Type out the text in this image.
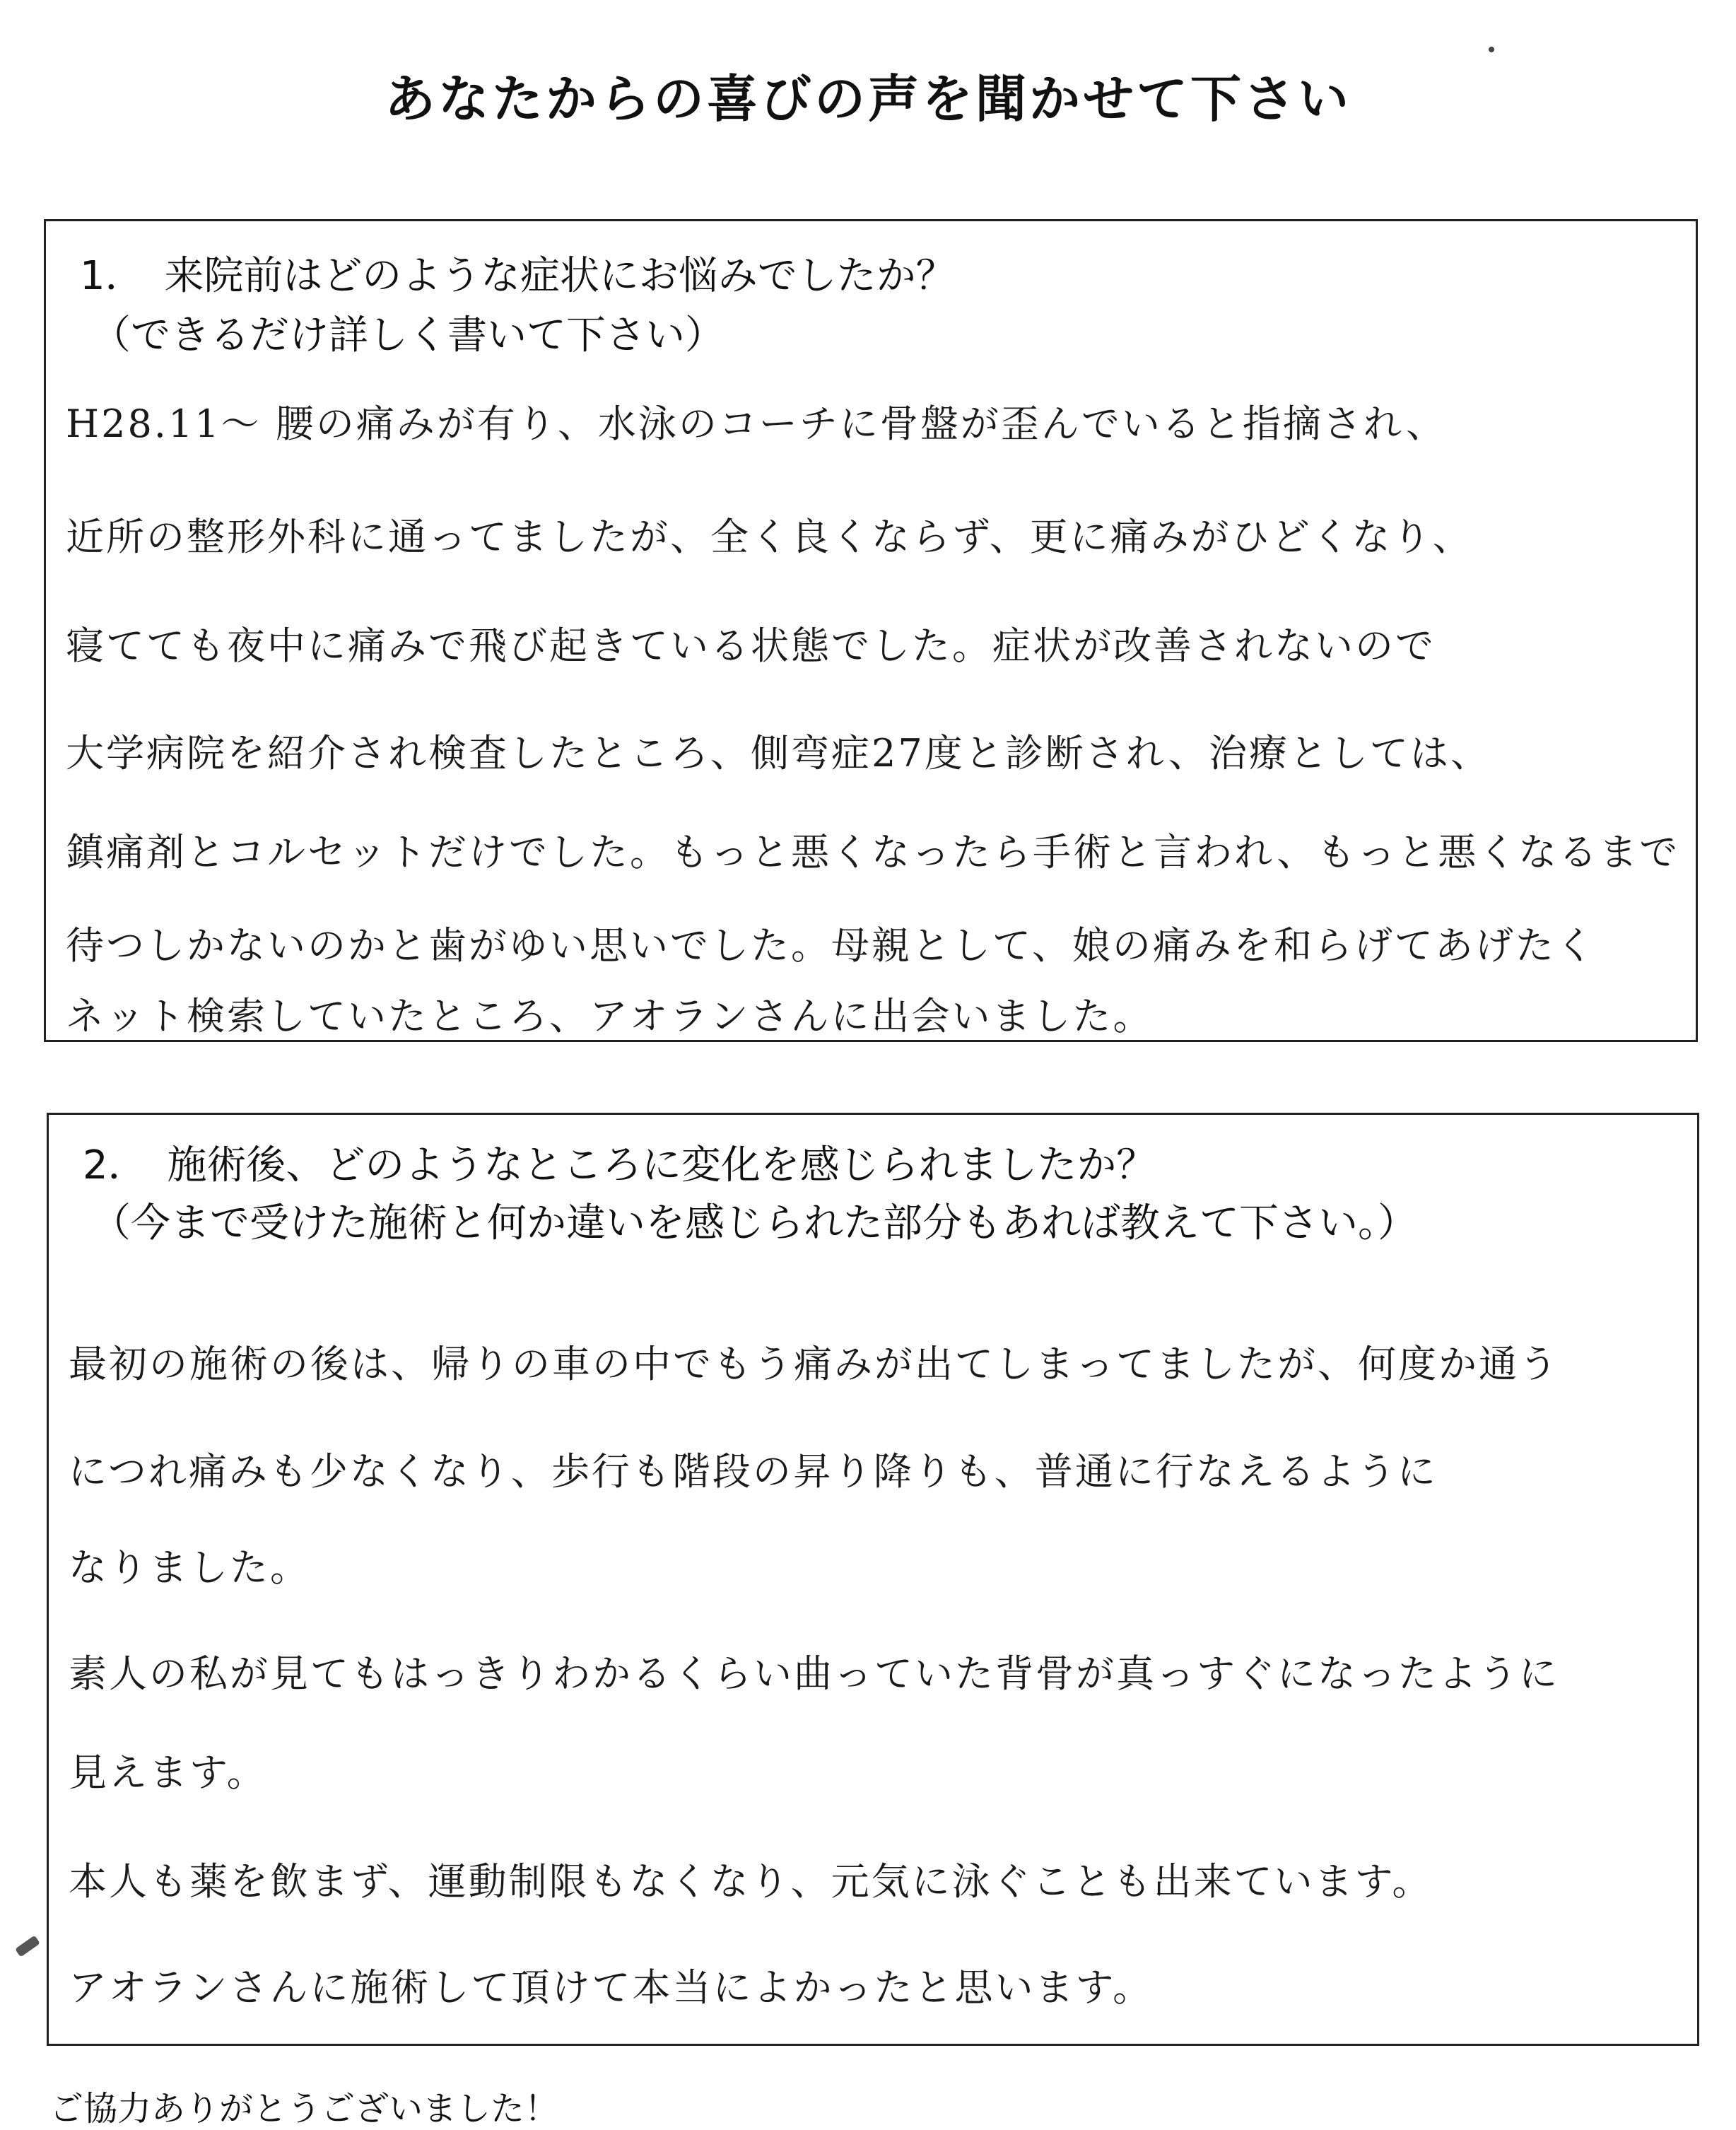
あなたからの喜びの声を聞かせて下さい
1．　来院前はどのような症状にお悩みでしたか？
（できるだけ詳しく書いて下さい）
H28.11〜 腰の痛みが有り、水泳のコーチに骨盤が歪んでいると指摘され、
近所の整形外科に通ってましたが、全く良くならず、更に痛みがひどくなり、
寝てても夜中に痛みで飛び起きている状態でした。症状が改善されないので
大学病院を紹介され検査したところ、側弯症27度と診断され、治療としては、
鎮痛剤とコルセットだけでした。もっと悪くなったら手術と言われ、もっと悪くなるまで
待つしかないのかと歯がゆい思いでした。母親として、娘の痛みを和らげてあげたく
ネット検索していたところ、アオランさんに出会いました。
2．　施術後、どのようなところに変化を感じられましたか？
（今まで受けた施術と何か違いを感じられた部分もあれば教えて下さい。）
最初の施術の後は、帰りの車の中でもう痛みが出てしまってましたが、何度か通う
につれ痛みも少なくなり、歩行も階段の昇り降りも、普通に行なえるように
なりました。
素人の私が見てもはっきりわかるくらい曲っていた背骨が真っすぐになったように
見えます。
本人も薬を飲まず、運動制限もなくなり、元気に泳ぐことも出来ています。
アオランさんに施術して頂けて本当によかったと思います。
ご協力ありがとうございました！
